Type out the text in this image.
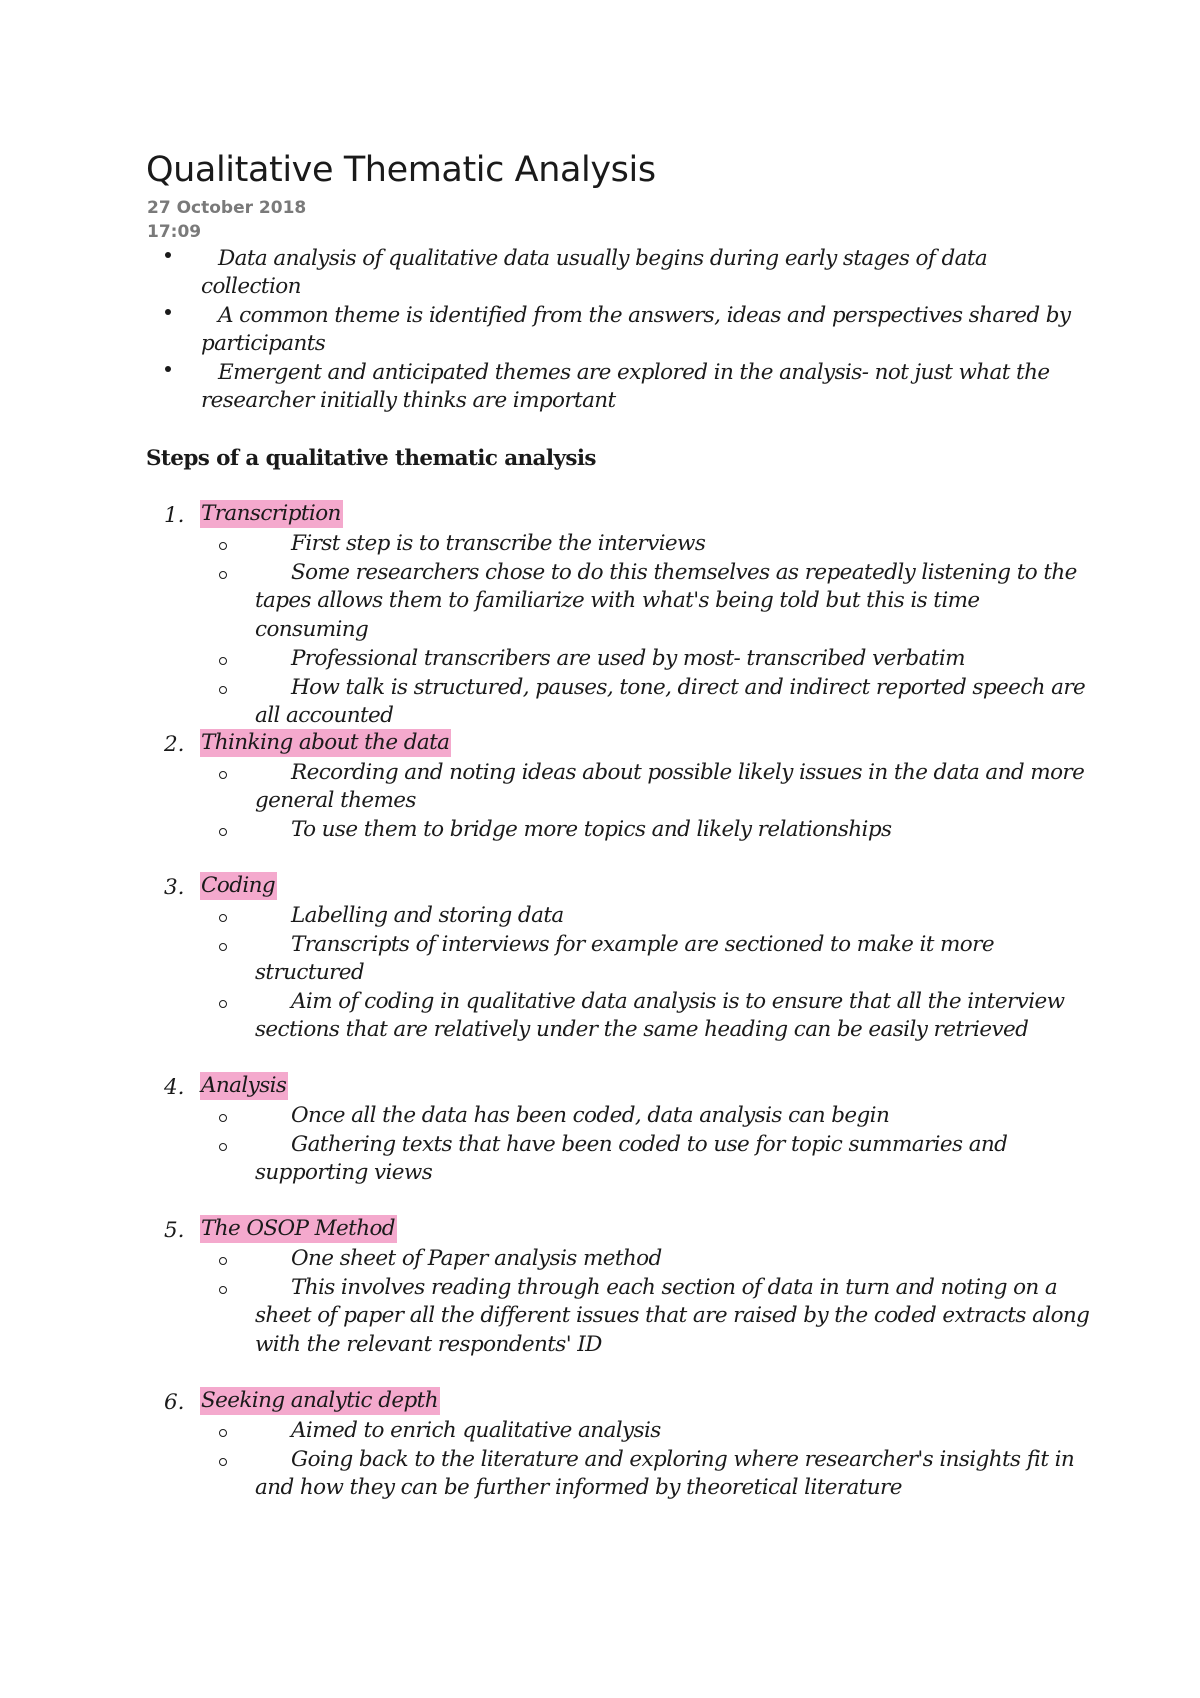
Qualitative Thematic Analysis
27 October 2018
17:09
Data analysis of qualitative data usually begins during early stages of data
collection
A common theme is identified from the answers, ideas and perspectives shared by
participants
Emergent and anticipated themes are explored in the analysis- not just what the
researcher initially thinks are important
Steps of a qualitative thematic analysis
1. Transcription
First step is to transcribe the interviews
Some researchers chose to do this themselves as repeatedly listening to the
tapes allows them to familiarize with what's being told but this is time
consuming
Professional transcribers are used by most- transcribed verbatim
How talk is structured, pauses, tone, direct and indirect reported speech are
all accounted
2. Thinking about the data
Recording and noting ideas about possible likely issues in the data and more
general themes
To use them to bridge more topics and likely relationships
3. Coding
Labelling and storing data
Transcripts of interviews for example are sectioned to make it more
structured
Aim of coding in qualitative data analysis is to ensure that all the interview
sections that are relatively under the same heading can be easily retrieved
4. Analysis
Once all the data has been coded, data analysis can begin
Gathering texts that have been coded to use for topic summaries and
supporting views
5. The OSOP Method
One sheet of Paper analysis method
This involves reading through each section of data in turn and noting on a
sheet of paper all the different issues that are raised by the coded extracts along
with the relevant respondents' ID
6. Seeking analytic depth
Aimed to enrich qualitative analysis
Going back to the literature and exploring where researcher's insights fit in
and how they can be further informed by theoretical literature
